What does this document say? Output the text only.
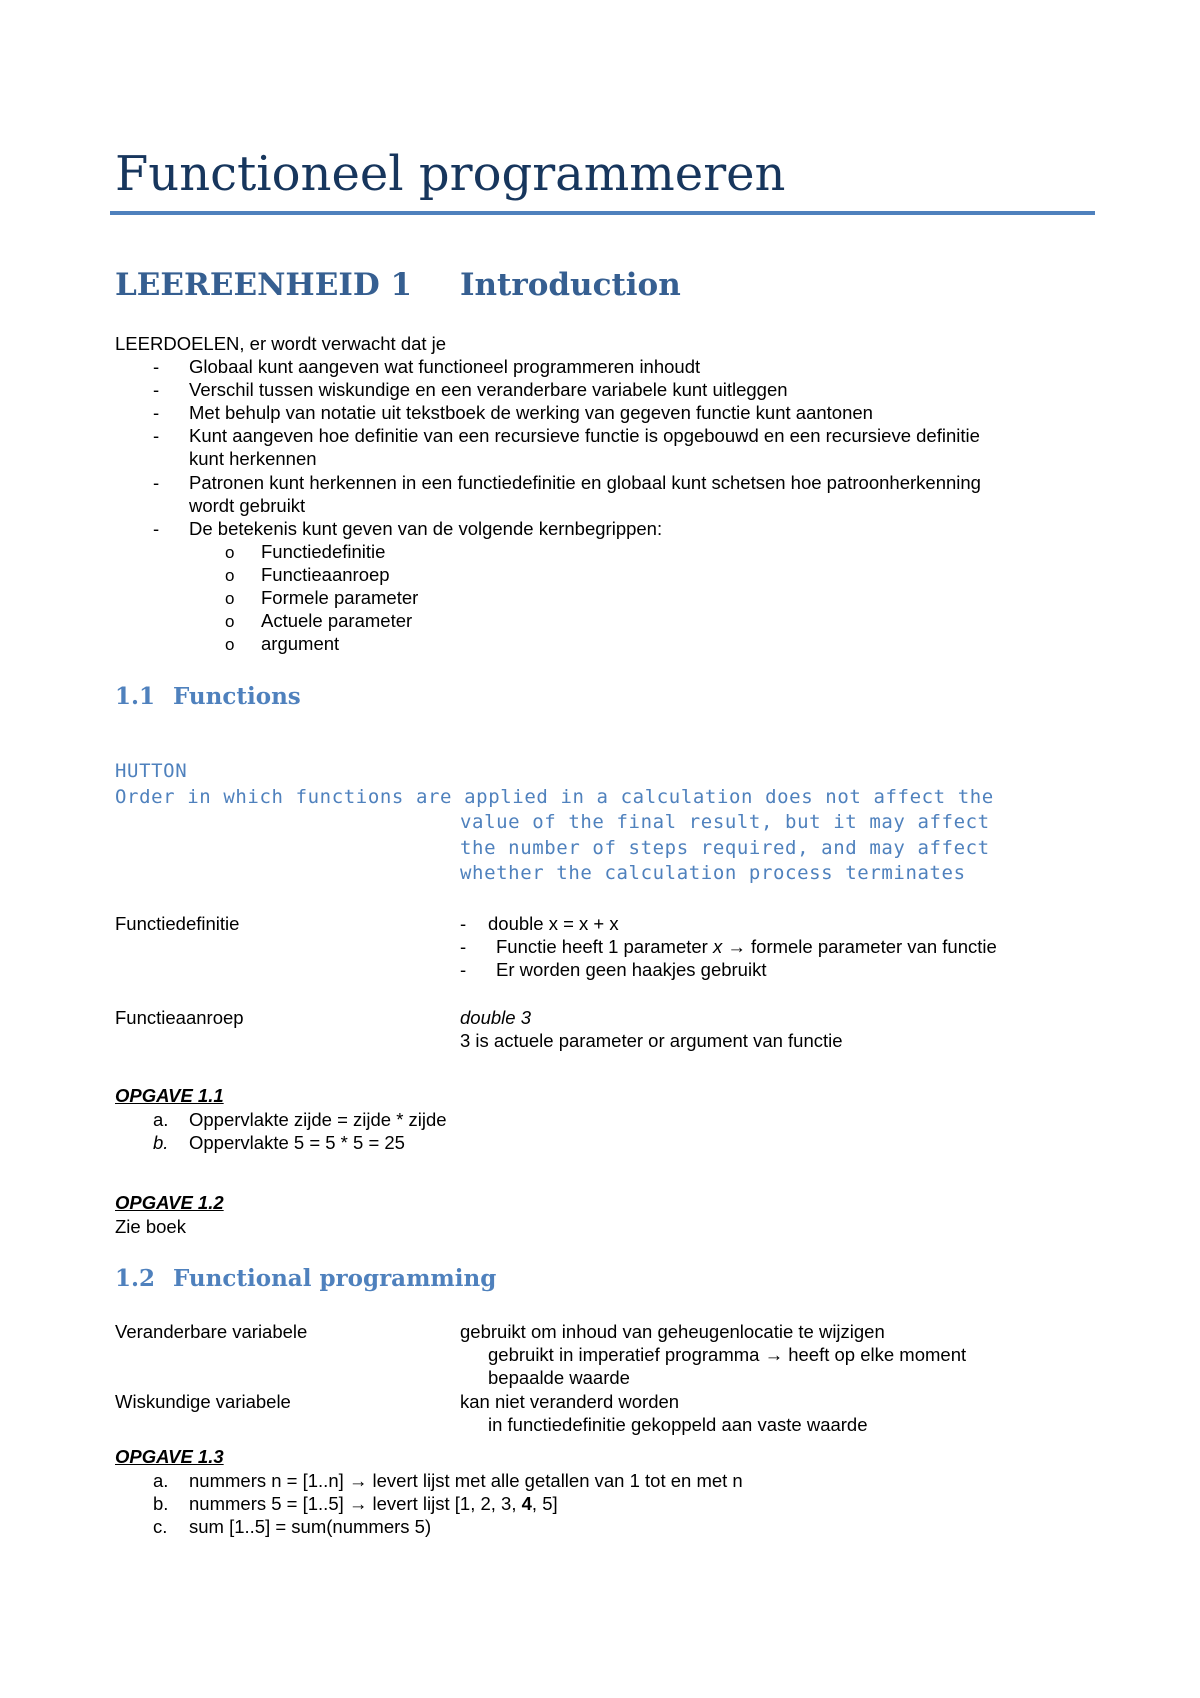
Functioneel programmeren
LEEREENHEID 1 Introduction
LEERDOELEN, er wordt verwacht dat je
- Globaal kunt aangeven wat functioneel programmeren inhoudt
- Verschil tussen wiskundige en een veranderbare variabele kunt uitleggen
- Met behulp van notatie uit tekstboek de werking van gegeven functie kunt aantonen
- Kunt aangeven hoe definitie van een recursieve functie is opgebouwd en een recursieve definitie
kunt herkennen
- Patronen kunt herkennen in een functiedefinitie en globaal kunt schetsen hoe patroonherkenning
wordt gebruikt
- De betekenis kunt geven van de volgende kernbegrippen:
o Functiedefinitie
o Functieaanroep
o Formele parameter
o Actuele parameter
o argument
1.1 Functions
HUTTON
Order in which functions are applied in a calculation does not affect the
value of the final result, but it may affect
the number of steps required, and may affect
whether the calculation process terminates
Functiedefinitie	- double x = x + x
- Functie heeft 1 parameter x → formele parameter van functie
- Er worden geen haakjes gebruikt
Functieaanroep	double 3
3 is actuele parameter or argument van functie
OPGAVE 1.1
a. Oppervlakte zijde = zijde * zijde
b. Oppervlakte 5 = 5 * 5 = 25
OPGAVE 1.2
Zie boek
1.2 Functional programming
Veranderbare variabele	gebruikt om inhoud van geheugenlocatie te wijzigen
gebruikt in imperatief programma → heeft op elke moment
bepaalde waarde
Wiskundige variabele	kan niet veranderd worden
in functiedefinitie gekoppeld aan vaste waarde
OPGAVE 1.3
a. nummers n = [1..n] → levert lijst met alle getallen van 1 tot en met n
b. nummers 5 = [1..5] → levert lijst [1, 2, 3, 4, 5]
c. sum [1..5] = sum(nummers 5)
